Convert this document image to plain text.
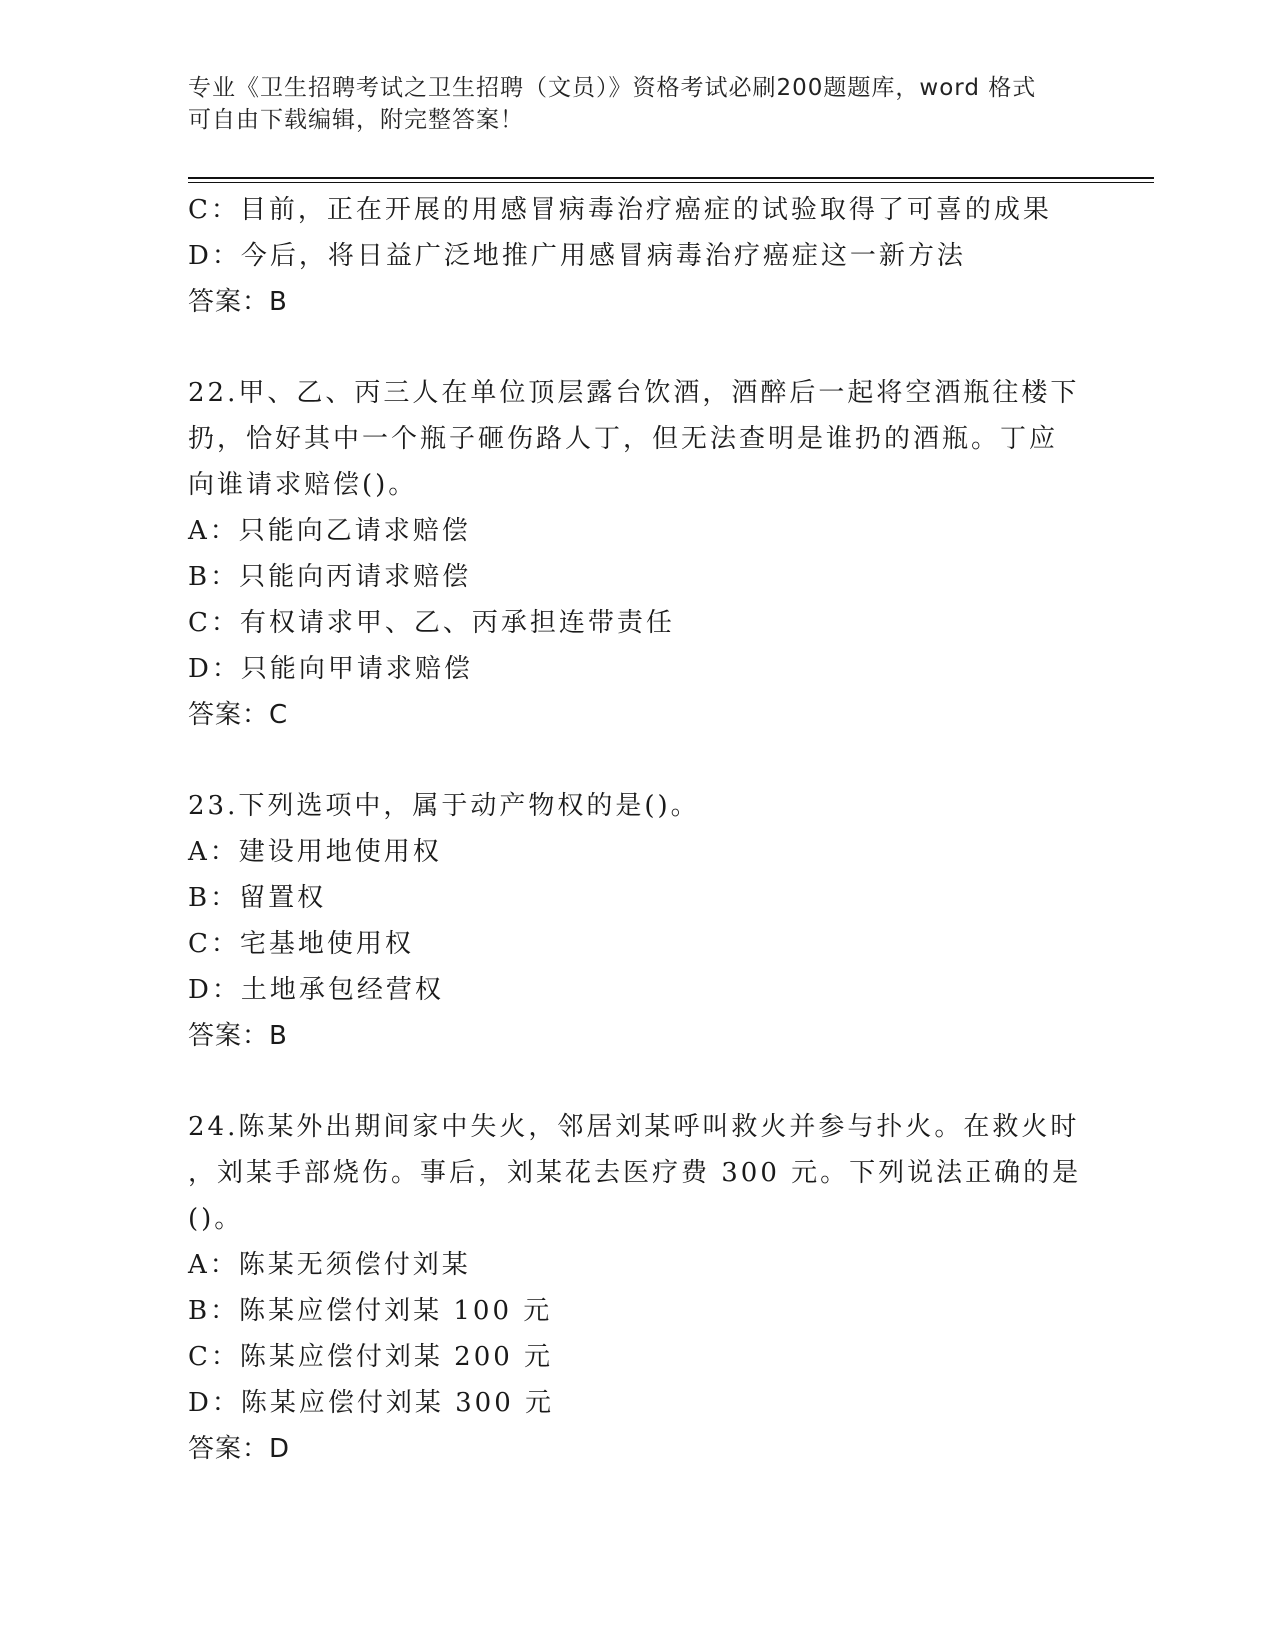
专业《卫生招聘考试之卫生招聘（文员）》资格考试必刷200题题库，word 格式
可自由下载编辑，附完整答案！
C：目前，正在开展的用感冒病毒治疗癌症的试验取得了可喜的成果
D：今后，将日益广泛地推广用感冒病毒治疗癌症这一新方法
答案：B
22.甲、乙、丙三人在单位顶层露台饮酒，酒醉后一起将空酒瓶往楼下
扔，恰好其中一个瓶子砸伤路人丁，但无法查明是谁扔的酒瓶。丁应
向谁请求赔偿()。
A：只能向乙请求赔偿
B：只能向丙请求赔偿
C：有权请求甲、乙、丙承担连带责任
D：只能向甲请求赔偿
答案：C
23.下列选项中，属于动产物权的是()。
A：建设用地使用权
B：留置权
C：宅基地使用权
D：土地承包经营权
答案：B
24.陈某外出期间家中失火，邻居刘某呼叫救火并参与扑火。在救火时
，刘某手部烧伤。事后，刘某花去医疗费 300 元。下列说法正确的是
()。
A：陈某无须偿付刘某
B：陈某应偿付刘某 100 元
C：陈某应偿付刘某 200 元
D：陈某应偿付刘某 300 元
答案：D
